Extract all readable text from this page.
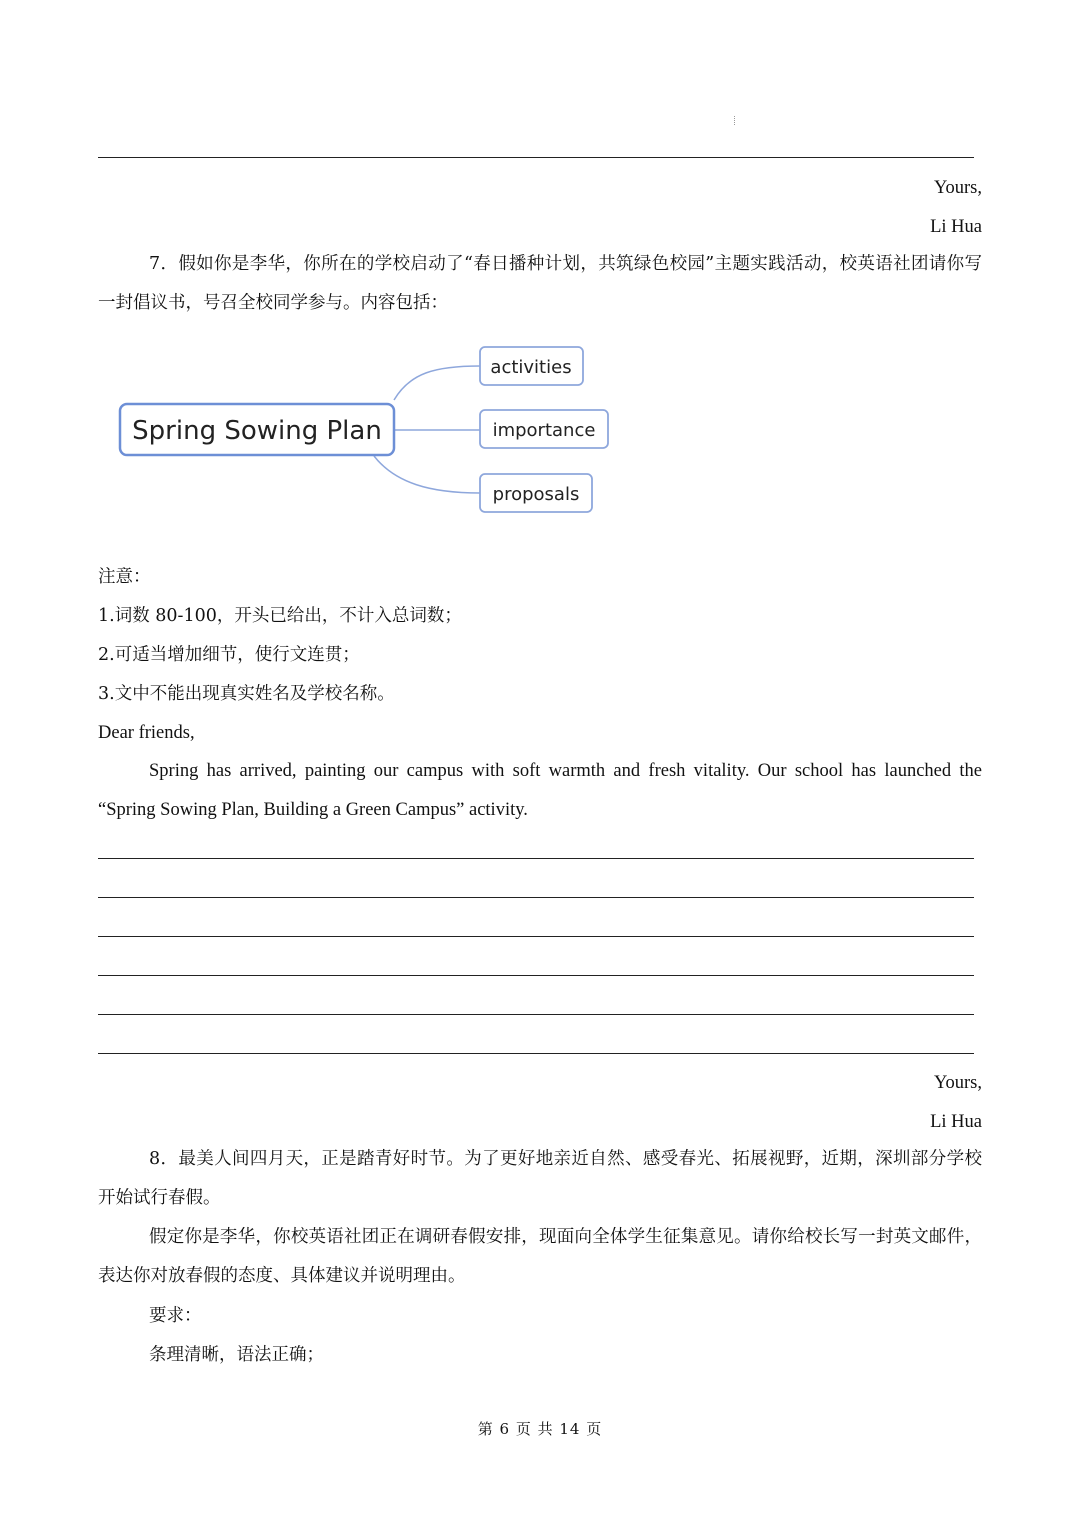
Yours,
Li Hua
7．假如你是李华，你所在的学校启动了“春日播种计划，共筑绿色校园”主题实践活动，校英语社团请你写一封倡议书，号召全校同学参与。内容包括：
Spring Sowing Plan
activities
importance
proposals
注意：
1.词数 80-100，开头已给出，不计入总词数；
2.可适当增加细节，使行文连贯；
3.文中不能出现真实姓名及学校名称。
Dear friends,
Spring has arrived, painting our campus with soft warmth and fresh vitality. Our school has launched the “Spring Sowing Plan, Building a Green Campus” activity.
Yours,
Li Hua
8．最美人间四月天，正是踏青好时节。为了更好地亲近自然、感受春光、拓展视野，近期，深圳部分学校开始试行春假。
假定你是李华，你校英语社团正在调研春假安排，现面向全体学生征集意见。请你给校长写一封英文邮件，表达你对放春假的态度、具体建议并说明理由。
要求：
条理清晰，语法正确；
第 6 页 共 14 页
